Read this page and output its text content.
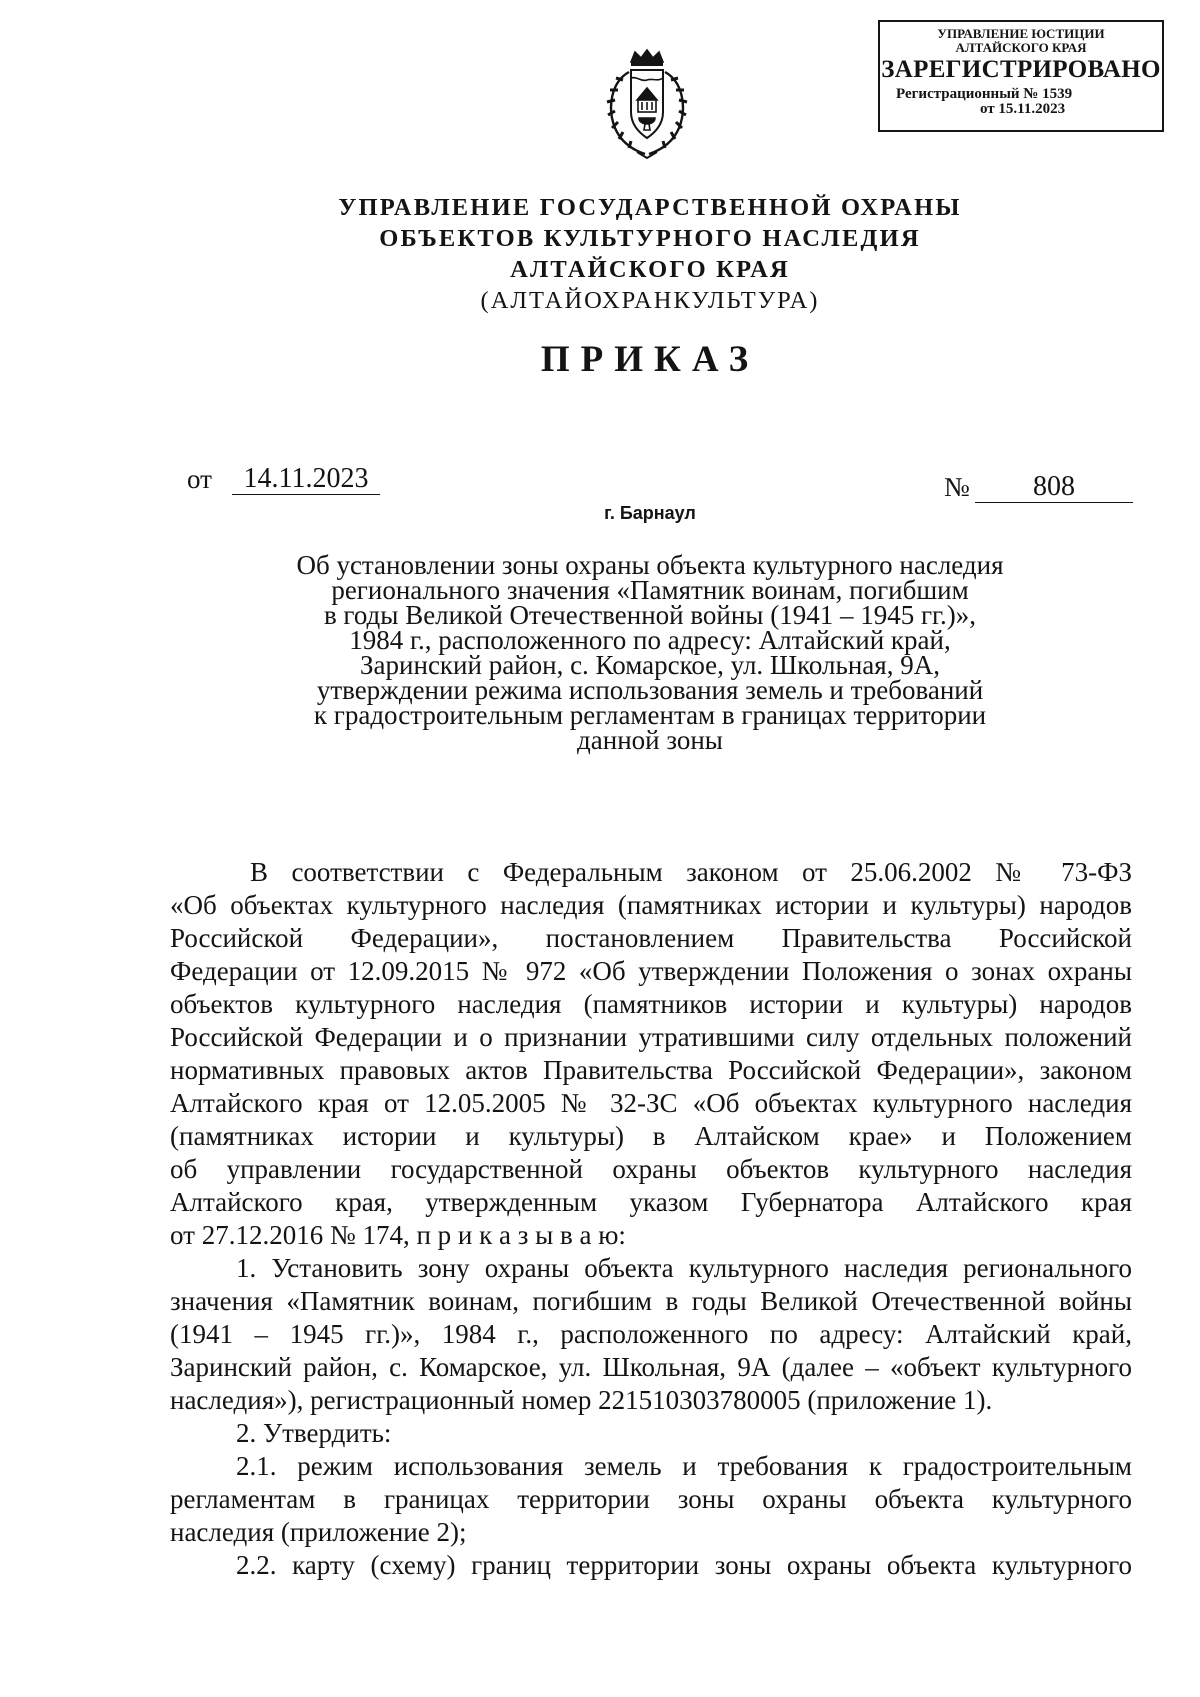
УПРАВЛЕНИЕ ЮСТИЦИИ
АЛТАЙСКОГО КРАЯ
ЗАРЕГИСТРИРОВАНО
Регистрационный № 1539
от 15.11.2023
УПРАВЛЕНИЕ ГОСУДАРСТВЕННОЙ ОХРАНЫ
ОБЪЕКТОВ КУЛЬТУРНОГО НАСЛЕДИЯ
АЛТАЙСКОГО КРАЯ
(АЛТАЙОХРАНКУЛЬТУРА)
ПРИКАЗ
от	14.11.2023	№	808
г. Барнаул
Об установлении зоны охраны объекта культурного наследия
регионального значения «Памятник воинам, погибшим
в годы Великой Отечественной войны (1941 – 1945 гг.)»,
1984 г., расположенного по адресу: Алтайский край,
Заринский район, с. Комарское, ул. Школьная, 9А,
утверждении режима использования земель и требований
к градостроительным регламентам в границах территории
данной зоны
В соответствии с Федеральным законом от 25.06.2002 № 73-ФЗ
«Об объектах культурного наследия (памятниках истории и культуры) народов
Российской Федерации», постановлением Правительства Российской
Федерации от 12.09.2015 № 972 «Об утверждении Положения о зонах охраны
объектов культурного наследия (памятников истории и культуры) народов
Российской Федерации и о признании утратившими силу отдельных положений
нормативных правовых актов Правительства Российской Федерации», законом
Алтайского края от 12.05.2005 № 32-ЗС «Об объектах культурного наследия
(памятниках истории и культуры) в Алтайском крае» и Положением
об управлении государственной охраны объектов культурного наследия
Алтайского края, утвержденным указом Губернатора Алтайского края
от 27.12.2016 № 174, п р и к а з ы в а ю:
1. Установить зону охраны объекта культурного наследия регионального
значения «Памятник воинам, погибшим в годы Великой Отечественной войны
(1941 – 1945 гг.)», 1984 г., расположенного по адресу: Алтайский край,
Заринский район, с. Комарское, ул. Школьная, 9А (далее – «объект культурного
наследия»), регистрационный номер 221510303780005 (приложение 1).
2. Утвердить:
2.1. режим использования земель и требования к градостроительным
регламентам в границах территории зоны охраны объекта культурного
наследия (приложение 2);
2.2. карту (схему) границ территории зоны охраны объекта культурного
